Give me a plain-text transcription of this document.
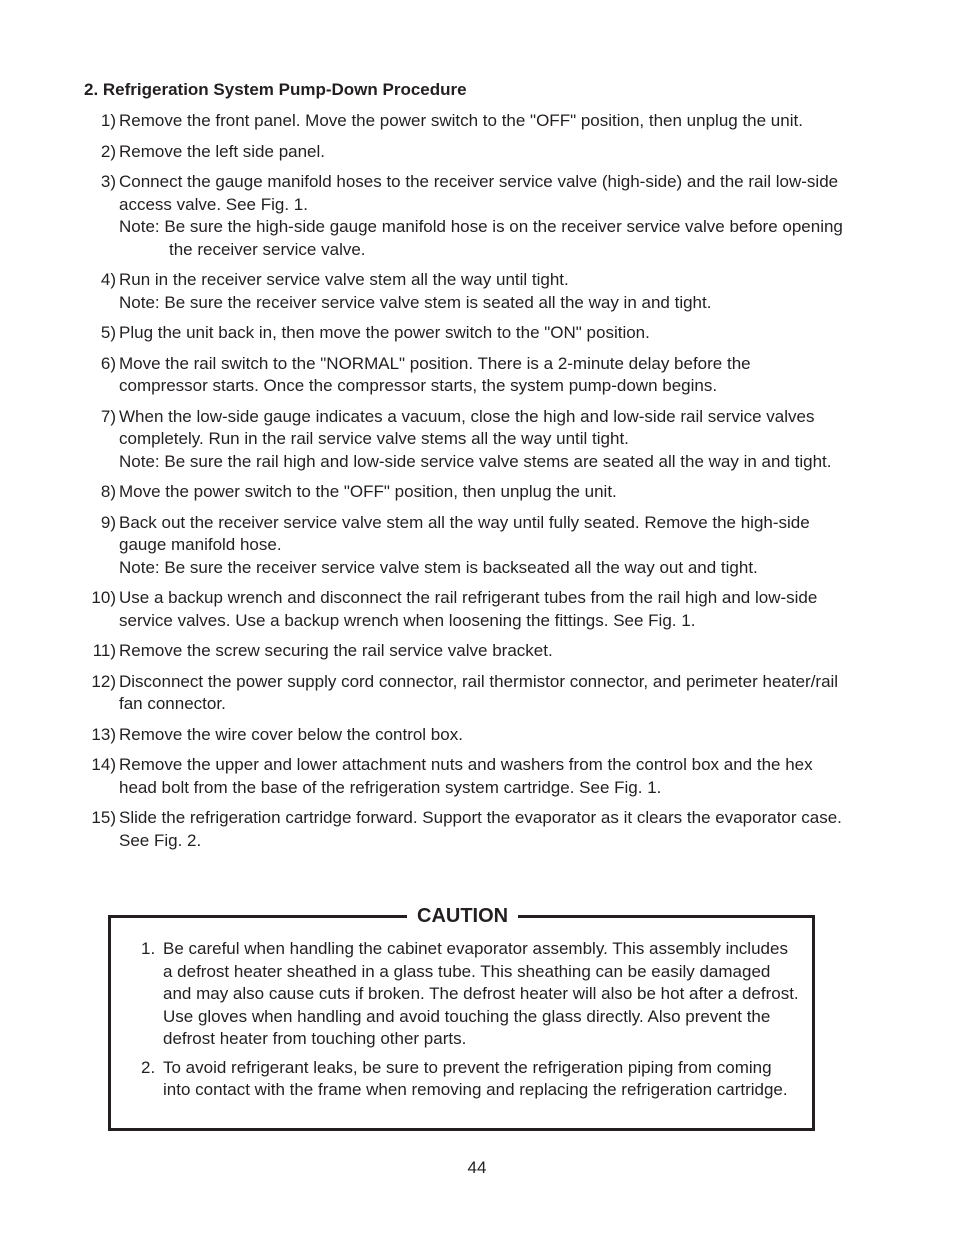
2. Refrigeration System Pump-Down Procedure
1) Remove the front panel. Move the power switch to the "OFF" position, then unplug the unit.
2) Remove the left side panel.
3) Connect the gauge manifold hoses to the receiver service valve (high-side) and the rail low-side access valve. See Fig. 1.
Note: Be sure the high-side gauge manifold hose is on the receiver service valve before opening the receiver service valve.
4) Run in the receiver service valve stem all the way until tight.
Note: Be sure the receiver service valve stem is seated all the way in and tight.
5) Plug the unit back in, then move the power switch to the "ON" position.
6) Move the rail switch to the "NORMAL" position. There is a 2-minute delay before the compressor starts. Once the compressor starts, the system pump-down begins.
7) When the low-side gauge indicates a vacuum, close the high and low-side rail service valves completely. Run in the rail service valve stems all the way until tight.
Note: Be sure the rail high and low-side service valve stems are seated all the way in and tight.
8) Move the power switch to the "OFF" position, then unplug the unit.
9) Back out the receiver service valve stem all the way until fully seated. Remove the high-side gauge manifold hose.
Note: Be sure the receiver service valve stem is backseated all the way out and tight.
10) Use a backup wrench and disconnect the rail refrigerant tubes from the rail high and low-side service valves. Use a backup wrench when loosening the fittings. See Fig. 1.
11) Remove the screw securing the rail service valve bracket.
12) Disconnect the power supply cord connector, rail thermistor connector, and perimeter heater/rail fan connector.
13) Remove the wire cover below the control box.
14) Remove the upper and lower attachment nuts and washers from the control box and the hex head bolt from the base of the refrigeration system cartridge. See Fig. 1.
15) Slide the refrigeration cartridge forward. Support the evaporator as it clears the evaporator case. See Fig. 2.
CAUTION
1. Be careful when handling the cabinet evaporator assembly. This assembly includes a defrost heater sheathed in a glass tube. This sheathing can be easily damaged and may also cause cuts if broken. The defrost heater will also be hot after a defrost. Use gloves when handling and avoid touching the glass directly. Also prevent the defrost heater from touching other parts.
2. To avoid refrigerant leaks, be sure to prevent the refrigeration piping from coming into contact with the frame when removing and replacing the refrigeration cartridge.
44
